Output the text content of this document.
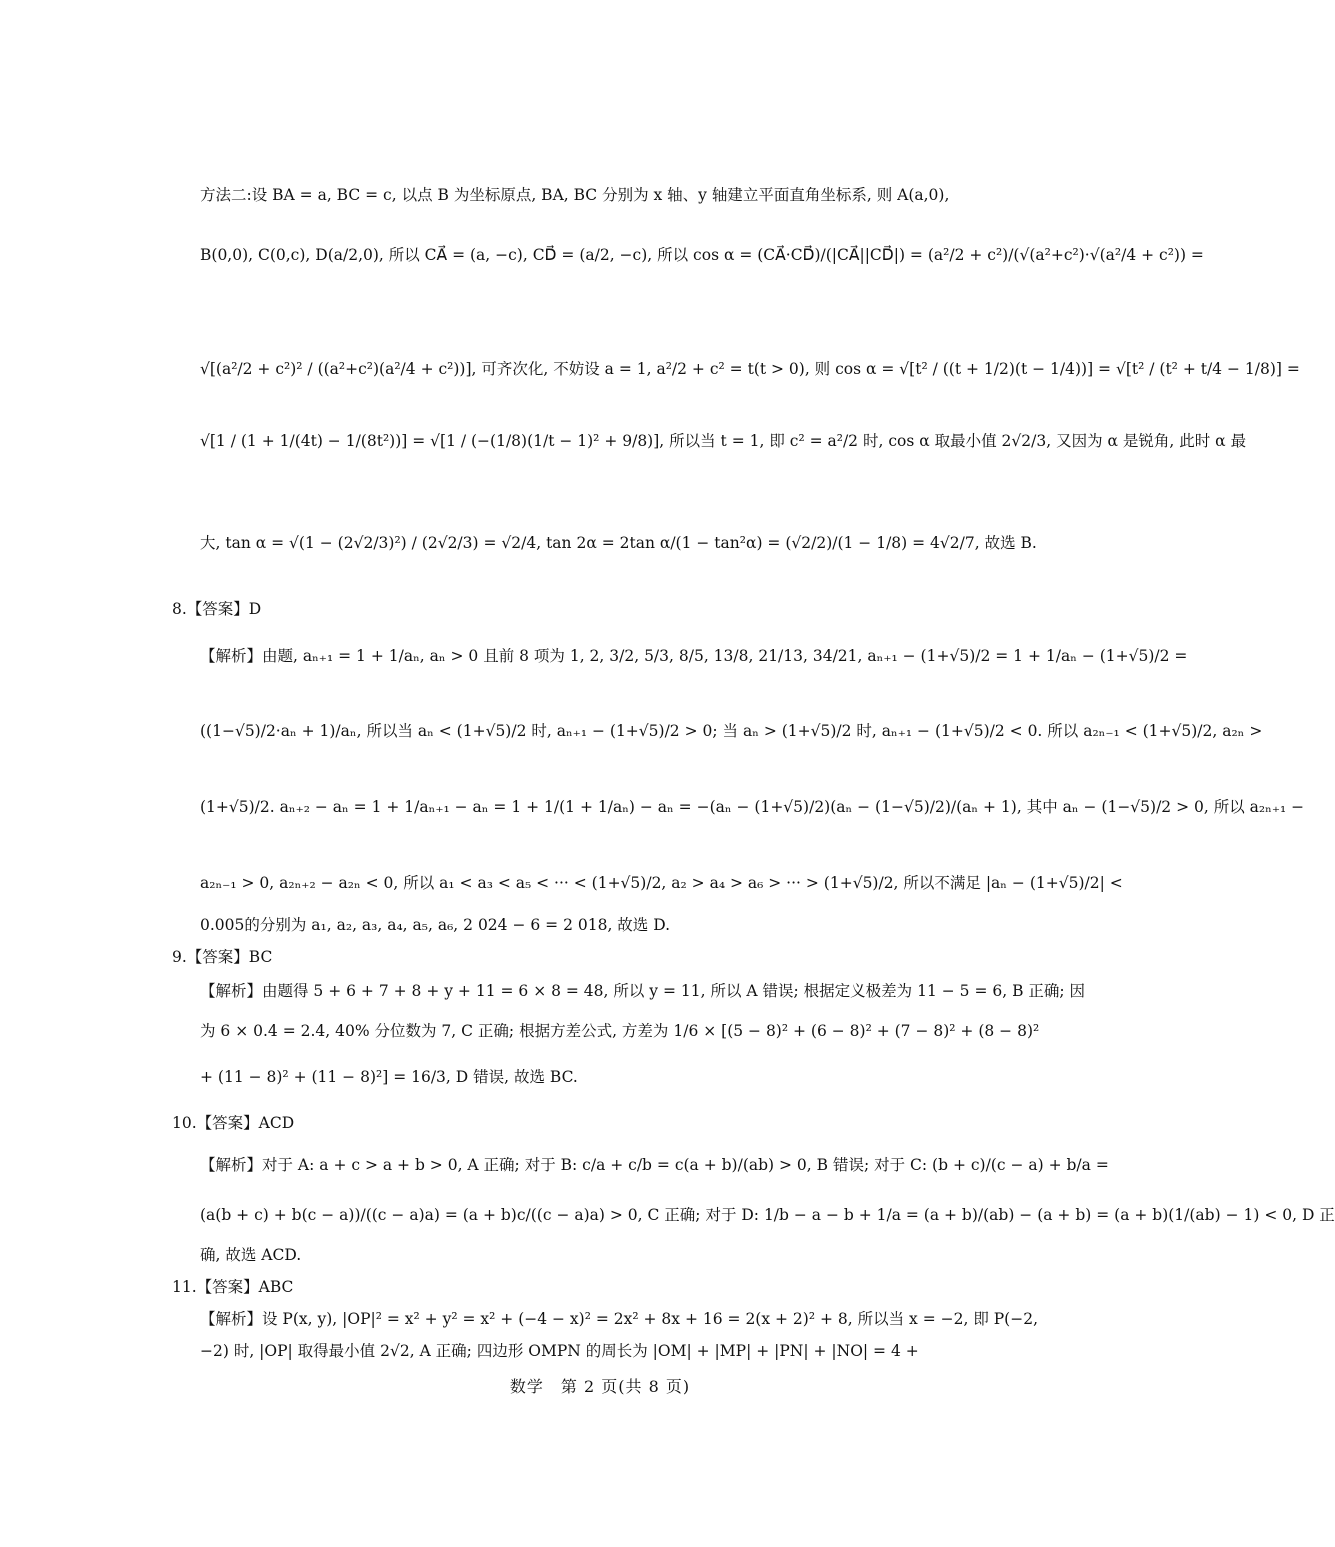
方法二:设 BA = a, BC = c, 以点 B 为坐标原点, BA, BC 分别为 x 轴、y 轴建立平面直角坐标系, 则 A(a,0),
B(0,0), C(0,c), D(a/2,0), 所以 CA⃗ = (a, −c), CD⃗ = (a/2, −c), 所以 cos α = (CA⃗·CD⃗)/(|CA⃗||CD⃗|) = (a²/2 + c²)/(√(a²+c²)·√(a²/4 + c²)) =
√[(a²/2 + c²)² / ((a²+c²)(a²/4 + c²))], 可齐次化, 不妨设 a = 1, a²/2 + c² = t(t > 0), 则 cos α = √[t² / ((t + 1/2)(t − 1/4))] = √[t² / (t² + t/4 − 1/8)] =
√[1 / (1 + 1/(4t) − 1/(8t²))] = √[1 / (−(1/8)(1/t − 1)² + 9/8)], 所以当 t = 1, 即 c² = a²/2 时, cos α 取最小值 2√2/3, 又因为 α 是锐角, 此时 α 最
大, tan α = √(1 − (2√2/3)²) / (2√2/3) = √2/4, tan 2α = 2tan α/(1 − tan²α) = (√2/2)/(1 − 1/8) = 4√2/7, 故选 B.
8.【答案】D
【解析】由题, aₙ₊₁ = 1 + 1/aₙ, aₙ > 0 且前 8 项为 1, 2, 3/2, 5/3, 8/5, 13/8, 21/13, 34/21, aₙ₊₁ − (1+√5)/2 = 1 + 1/aₙ − (1+√5)/2 =
((1−√5)/2·aₙ + 1)/aₙ, 所以当 aₙ < (1+√5)/2 时, aₙ₊₁ − (1+√5)/2 > 0; 当 aₙ > (1+√5)/2 时, aₙ₊₁ − (1+√5)/2 < 0. 所以 a₂ₙ₋₁ < (1+√5)/2, a₂ₙ >
(1+√5)/2. aₙ₊₂ − aₙ = 1 + 1/aₙ₊₁ − aₙ = 1 + 1/(1 + 1/aₙ) − aₙ = −(aₙ − (1+√5)/2)(aₙ − (1−√5)/2)/(aₙ + 1), 其中 aₙ − (1−√5)/2 > 0, 所以 a₂ₙ₊₁ −
a₂ₙ₋₁ > 0, a₂ₙ₊₂ − a₂ₙ < 0, 所以 a₁ < a₃ < a₅ < ··· < (1+√5)/2, a₂ > a₄ > a₆ > ··· > (1+√5)/2, 所以不满足 |aₙ − (1+√5)/2| <
0.005的分别为 a₁, a₂, a₃, a₄, a₅, a₆, 2 024 − 6 = 2 018, 故选 D.
9.【答案】BC
【解析】由题得 5 + 6 + 7 + 8 + y + 11 = 6 × 8 = 48, 所以 y = 11, 所以 A 错误; 根据定义极差为 11 − 5 = 6, B 正确; 因
为 6 × 0.4 = 2.4, 40% 分位数为 7, C 正确; 根据方差公式, 方差为 1/6 × [(5 − 8)² + (6 − 8)² + (7 − 8)² + (8 − 8)²
+ (11 − 8)² + (11 − 8)²] = 16/3, D 错误, 故选 BC.
10.【答案】ACD
【解析】对于 A: a + c > a + b > 0, A 正确; 对于 B: c/a + c/b = c(a + b)/(ab) > 0, B 错误; 对于 C: (b + c)/(c − a) + b/a =
(a(b + c) + b(c − a))/((c − a)a) = (a + b)c/((c − a)a) > 0, C 正确; 对于 D: 1/b − a − b + 1/a = (a + b)/(ab) − (a + b) = (a + b)(1/(ab) − 1) < 0, D 正
确, 故选 ACD.
11.【答案】ABC
【解析】设 P(x, y), |OP|² = x² + y² = x² + (−4 − x)² = 2x² + 8x + 16 = 2(x + 2)² + 8, 所以当 x = −2, 即 P(−2,
−2) 时, |OP| 取得最小值 2√2, A 正确; 四边形 OMPN 的周长为 |OM| + |MP| + |PN| + |NO| = 4 +
数学　第 2 页(共 8 页)
